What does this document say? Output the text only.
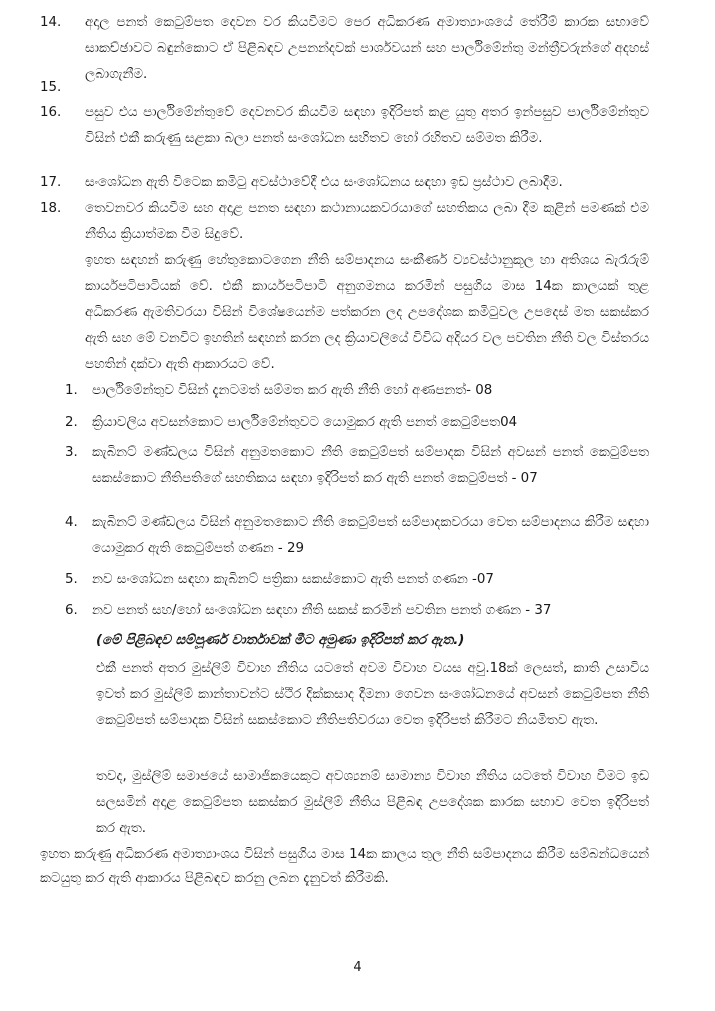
14. අදාල පනත් කෙටුම්පත දෙවන වර කියවීමට පෙර අධිකරණ අමාත්‍යාංශයේ තේරීම් කාරක සභාවේ සාකච්ඡාවට බඳුන්කොට ඒ පිළිබඳව උපනන්දවක් පාර්ශවයන් සහ පාර්ලිමේන්තු මන්ත්‍රීවරුන්ගේ අදහස් ලබාගැනීම.
15.
16. පසුව එය පාර්ලිමේන්තුවේ දෙවනවර කියවීම සඳහා ඉදිරිපත් කළ යුතු අතර ඉන්පසුව පාර්ලිමේන්තුව විසින් එකී කරුණු සළකා බලා පනත් සංශෝධන සහිතව හෝ රහිතව සම්මත කිරීම.
17. සංශෝධන ඇති විටෙක කමිටු අවස්ථාවේදී එය සංශෝධනය සඳහා ඉඩ ප්‍රස්ථාව ලබාදීම.
18. තෙවනවර කියවීම සහ අදාළ පනත සඳහා කථානායකවරයාගේ සහතිකය ලබා දීම කුළින් පමණක් එම නීතිය ක්‍රියාත්මක වීම සිදුවේ.
ඉහත සඳහන් කරුණු හේතුකොටගෙන නීති සම්පාදනය සංකීර්ණ ව්‍යවස්ථානුකූල හා අතිශය බැරෑරුම් කාර්යපටිපාටියක් වේ. එකී කාර්යපටිපාටි අනුගමනය කරමින් පසුගිය මාස 14ක කාලයක් තුළ අධිකරණ ඇමතිවරයා විසින් විශේෂයෙන්ම පත්කරන ලද උපදේශක කමිටුවල උපදෙස් මත සකස්කර ඇති සහ මේ වනවිට ඉහතින් සඳහන් කරන ලද ක්‍රියාවලියේ විවිධ අදියර වල පවතින නීති වල විස්තරය පහතින් දක්වා ඇති ආකාරයට වේ.
1. පාර්ලිමේන්තුව විසින් දැනටමත් සම්මත කර ඇති නීති හෝ අණපනත්- 08
2. ක්‍රියාවලිය අවසන්කොට පාර්ලිමේන්තුවට යොමුකර ඇති පනත් කෙටුම්පත04
3. කැබිනට් මණ්ඩලය විසින් අනුමතකොට නීති කෙටුම්පත් සම්පාදක විසින් අවසන් පනත් කෙටුම්පත සකස්කොට නීතිපතිගේ සහතිකය සඳහා ඉදිරිපත් කර ඇති පනත් කෙටුම්පත් - 07
4. කැබිනට් මණ්ඩලය විසින් අනුමතකොට නීති කෙටුම්පත් සම්පාදකවරයා වෙත සම්පාදනය කිරීම සඳහා යොමුකර ඇති කෙටුම්පත් ගණන - 29
5. නව සංශෝධන සඳහා කැබිනට් පත්‍රිකා සකස්කොට ඇති පනත් ගණන -07
6. නව පනත් සහ/හෝ සංශෝධන සඳහා නීති සකස් කරමින් පවතින පනත් ගණන - 37
(මේ පිළිබඳව සම්පූර්ණ වාර්තාවක් මීට අමුණා ඉදිරිපත් කර ඇත.)
එකී පනත් අතර මුස්ලිම් විවාහ නීතිය යටතේ අවම විවාහ වයස අවු.18ක් ලෙසත්, කාති උසාවිය ඉවත් කර මුස්ලිම් කාන්තාවන්ට ස්ථිර දික්කසාද දීමනා ගෙවන සංශෝධනයේ අවසන් කෙටුම්පත නීති කෙටුම්පත් සම්පාදක විසින් සකස්කොට නීතිපතිවරයා වෙත ඉදිරිපත් කිරීමට නියමිතව ඇත.
තවද, මුස්ලිම් සමාජයේ සාමාජිකයෙකුට අවශ්‍යනම් සාමාන්‍ය විවාහ නීතිය යටතේ විවාහ වීමට ඉඩ සලසමින් අදාළ කෙටුම්පත සකස්කර මුස්ලිම් නීතිය පිළිබඳ උපදේශක කාරක සභාව වෙත ඉදිරිපත් කර ඇත.
ඉහත කරුණු අධිකරණ අමාත්‍යාංශය විසින් පසුගිය මාස 14ක කාලය තුල නීති සම්පාදනය කිරීම සම්බන්ධයෙන් කටයුතු කර ඇති ආකාරය පිළිබඳව කරනු ලබන දැනුවත් කිරීමකි.
4
